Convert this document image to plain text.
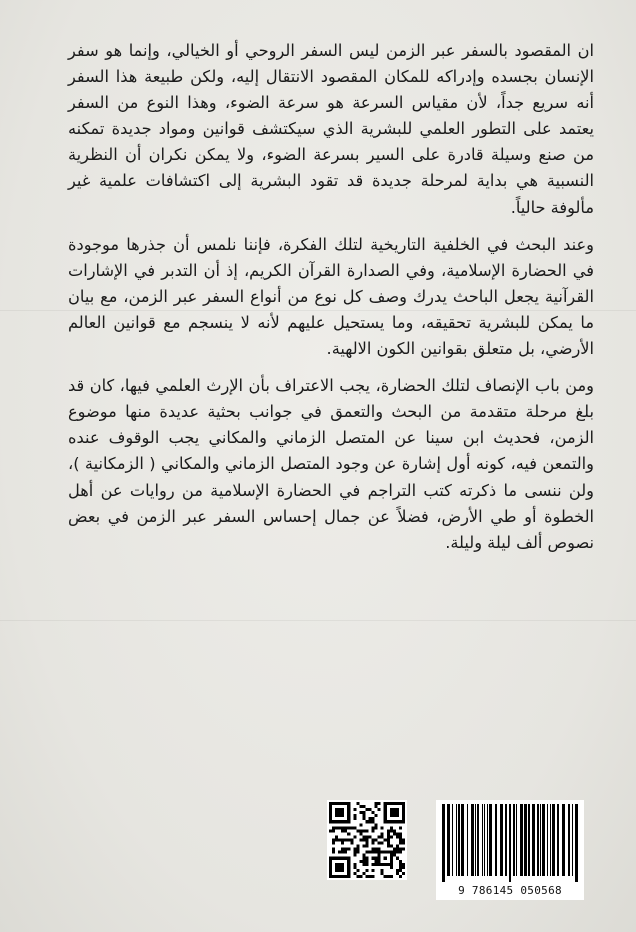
ان المقصود بالسفر عبر الزمن ليس السفر الروحي أو الخيالي، وإنما هو سفر الإنسان بجسده وإدراكه للمكان المقصود الانتقال إليه، ولكن طبيعة هذا السفر أنه سريع جداً، لأن مقياس السرعة هو سرعة الضوء، وهذا النوع من السفر يعتمد على التطور العلمي للبشرية الذي سيكتشف قوانين ومواد جديدة تمكنه من صنع وسيلة قادرة على السير بسرعة الضوء، ولا يمكن نكران أن النظرية النسبية هي بداية لمرحلة جديدة قد تقود البشرية إلى اكتشافات علمية غير مألوفة حالياً.

وعند البحث في الخلفية التاريخية لتلك الفكرة، فإننا نلمس أن جذرها موجودة في الحضارة الإسلامية، وفي الصدارة القرآن الكريم، إذ أن التدبر في الإشارات القرآنية يجعل الباحث يدرك وصف كل نوع من أنواع السفر عبر الزمن، مع بيان ما يمكن للبشرية تحقيقه، وما يستحيل عليهم لأنه لا ينسجم مع قوانين العالم الأرضي، بل متعلق بقوانين الكون الالهية.

ومن باب الإنصاف لتلك الحضارة، يجب الاعتراف بأن الإرث العلمي فيها، كان قد بلغ مرحلة متقدمة من البحث والتعمق في جوانب بحثية عديدة منها موضوع الزمن، فحديث ابن سينا عن المتصل الزماني والمكاني يجب الوقوف عنده والتمعن فيه، كونه أول إشارة عن وجود المتصل الزماني والمكاني ( الزمكانية )، ولن ننسى ما ذكرته كتب التراجم في الحضارة الإسلامية من روايات عن أهل الخطوة أو طي الأرض، فضلاً عن جمال إحساس السفر عبر الزمن في بعض نصوص ألف ليلة وليلة.

9 786145 050568
